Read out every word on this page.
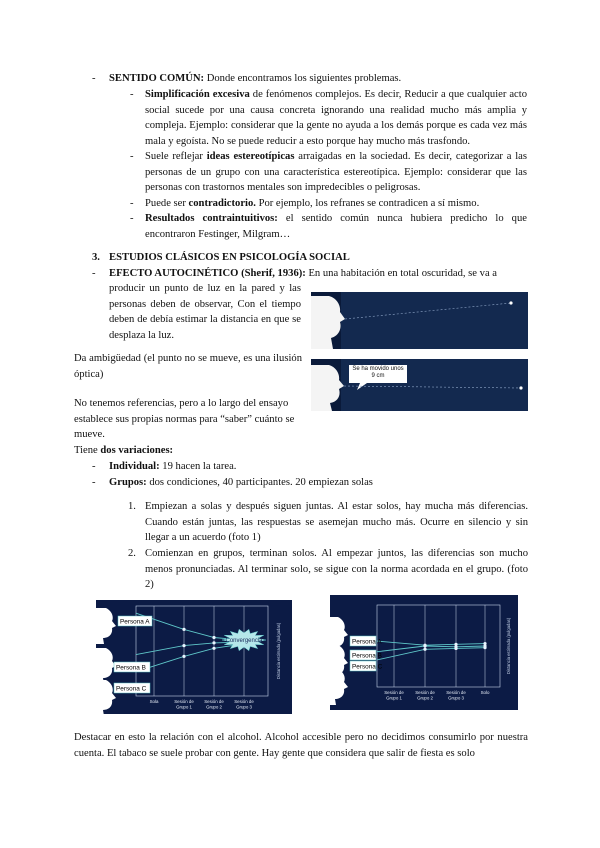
- SENTIDO COMÚN: Donde encontramos los siguientes problemas.
- Simplificación excesiva de fenómenos complejos. Es decir, Reducir a que cualquier acto social sucede por una causa concreta ignorando una realidad mucho más amplia y compleja. Ejemplo: considerar que la gente no ayuda a los demás porque es cada vez más mala y egoísta. No se puede reducir a esto porque hay mucho más trasfondo.
- Suele reflejar ideas estereotípicas arraigadas en la sociedad. Es decir, categorizar a las personas de un grupo con una característica estereotípica. Ejemplo: considerar que las personas con trastornos mentales son impredecibles o peligrosas.
- Puede ser contradictorio. Por ejemplo, los refranes se contradicen a sí mismo.
- Resultados contraintuitivos: el sentido común nunca hubiera predicho lo que encontraron Festinger, Milgram…
3. ESTUDIOS CLÁSICOS EN PSICOLOGÍA SOCIAL
- EFECTO AUTOCINÉTICO (Sherif, 1936): En una habitación en total oscuridad, se va a
producir un punto de luz en la pared y las personas deben de observar, Con el tiempo deben de debía estimar la distancia en que se desplaza la luz.
Da ambigüedad (el punto no se mueve, es una ilusión óptica)
No tenemos referencias, pero a lo largo del ensayo establece sus propias normas para “saber” cuánto se mueve.
Se ha movido unos 9 cm
Tiene dos variaciones:
- Individual: 19 hacen la tarea.
- Grupos: dos condiciones, 40 participantes. 20 empiezan solas
1. Empiezan a solas y después siguen juntas. Al estar solos, hay mucha más diferencias. Cuando están juntas, las respuestas se asemejan mucho más. Ocurre en silencio y sin llegar a un acuerdo (foto 1)
2. Comienzan en grupos, terminan solos. Al empezar juntos, las diferencias son mucho menos pronunciadas. Al terminar solo, se sigue con la norma acordada en el grupo. (foto 2)
Persona A
Persona B
Persona C
Sola	Sesión de
Grupo 1
Sesión de
Grupo 2
Sesión de
Grupo 3
Distancia estimada (pulgadas)
Convergencia	Persona A
Persona B
Persona C
Sesión de
Grupo 1
Sesión de
Grupo 2
Sesión de
Grupo 3
Solo
Distancia estimada (pulgadas)
Destacar en esto la relación con el alcohol. Alcohol accesible pero no decidimos consumirlo por nuestra cuenta. El tabaco se suele probar con gente. Hay gente que considera que salir de fiesta es solo
